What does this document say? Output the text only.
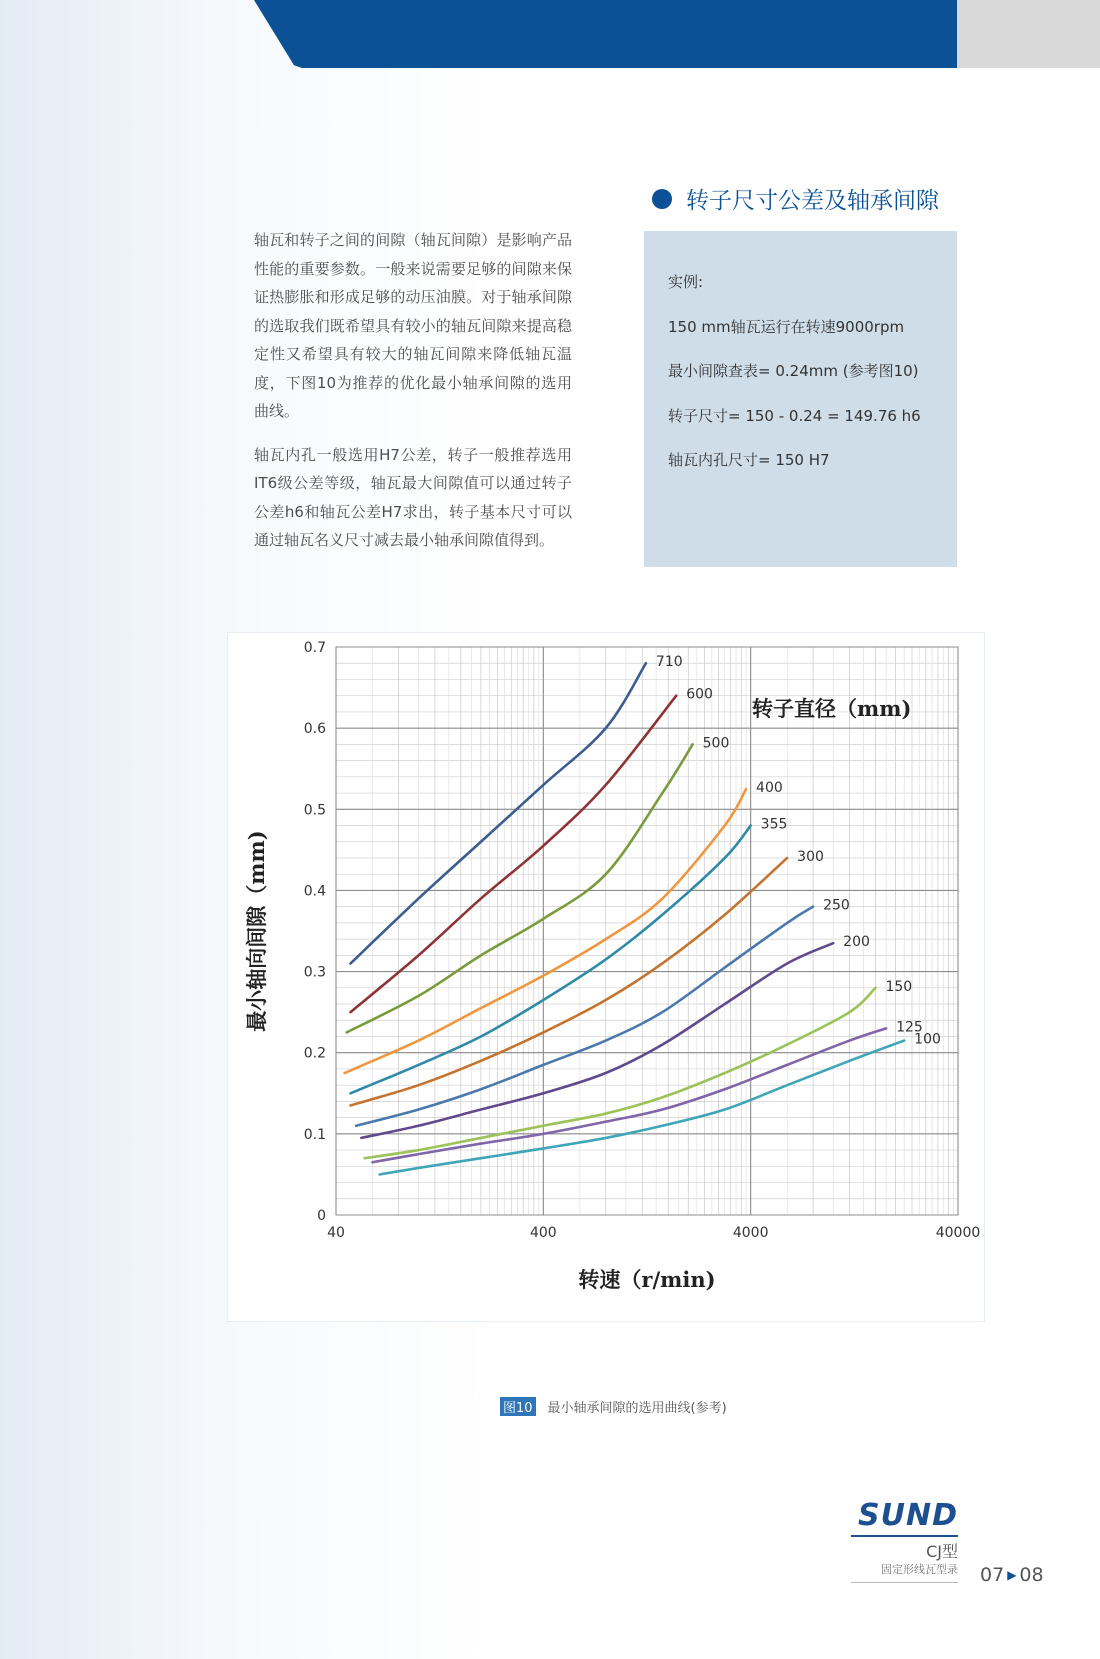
转子尺寸公差及轴承间隙

轴瓦和转子之间的间隙（轴瓦间隙）是影响产品性能的重要参数。一般来说需要足够的间隙来保证热膨胀和形成足够的动压油膜。对于轴承间隙的选取我们既希望具有较小的轴瓦间隙来提高稳定性又希望具有较大的轴瓦间隙来降低轴瓦温度，下图10为推荐的优化最小轴承间隙的选用曲线。

轴瓦内孔一般选用H7公差，转子一般推荐选用IT6级公差等级，轴瓦最大间隙值可以通过转子公差h6和轴瓦公差H7求出，转子基本尺寸可以通过轴瓦名义尺寸减去最小轴承间隙值得到。

实例:
150 mm轴瓦运行在转速9000rpm
最小间隙查表= 0.24mm (参考图10)
转子尺寸= 150 - 0.24 = 149.76 h6
轴瓦内孔尺寸= 150 H7
0
0.1
0.2
0.3
0.4
0.5
0.6
0.7
40	400	4000	40000
转速（r/min)
最小轴向间隙（mm)
转子直径（mm)
710
600
500
400
355
300
250
200
150
125
100
图10 最小轴承间隙的选用曲线(参考)
SUND
CJ型
固定形线瓦型录 07 ▶ 08
